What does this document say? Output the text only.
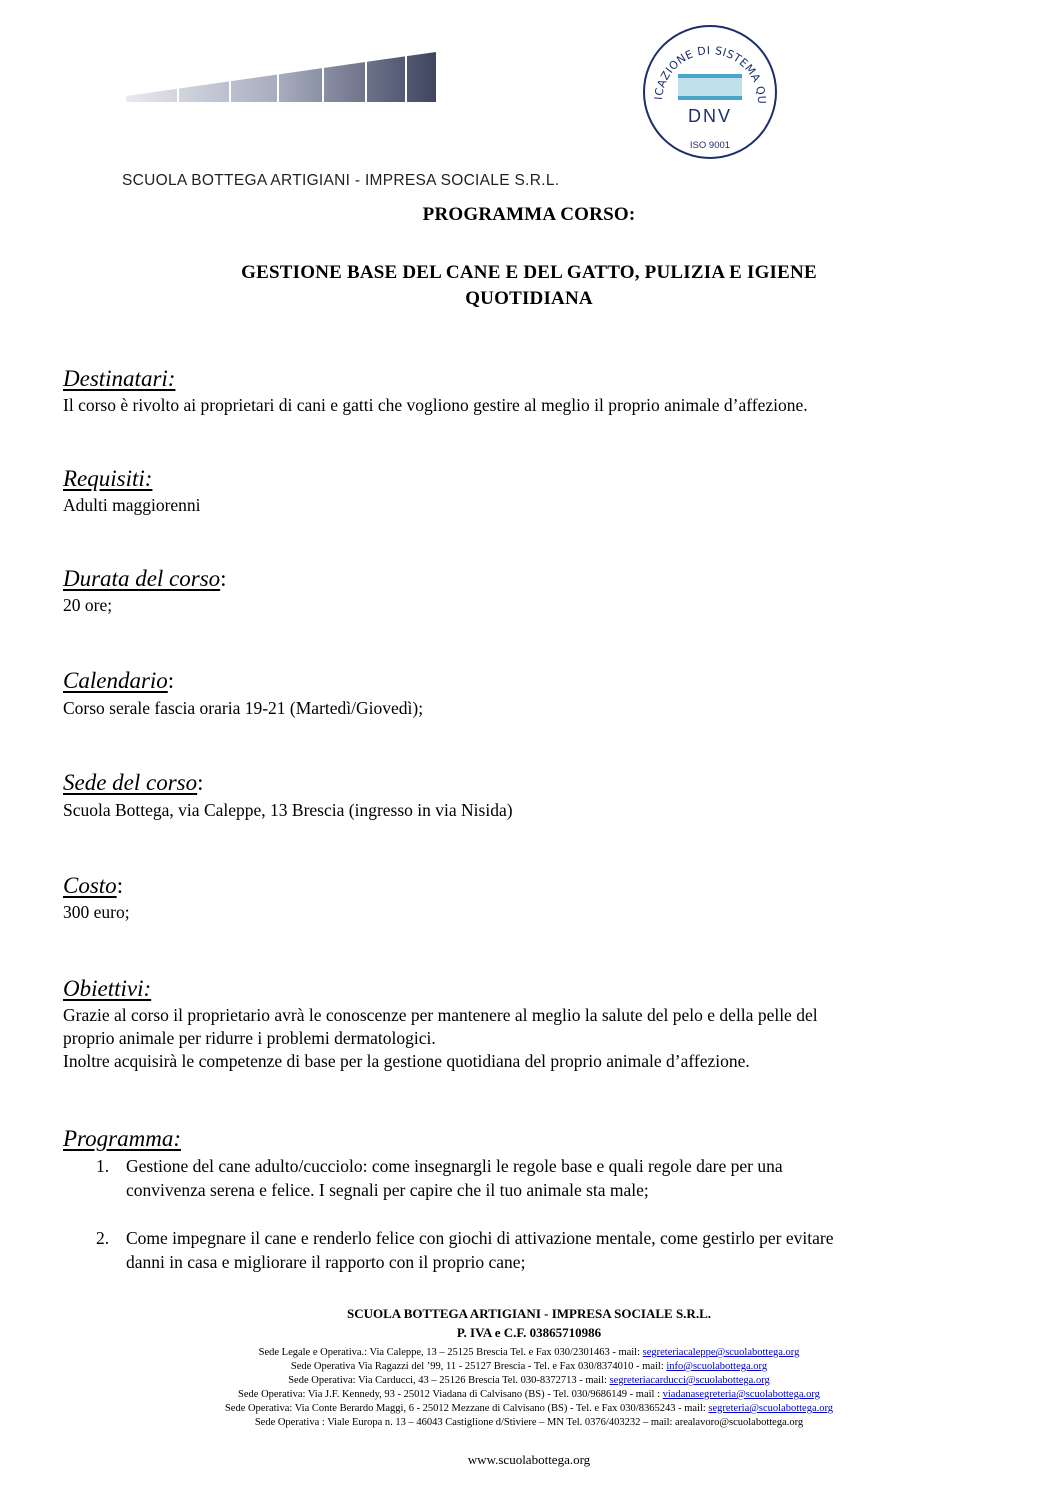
SCUOLA BOTTEGA ARTIGIANI - IMPRESA SOCIALE S.R.L.
ICAZIONE DI SISTEMA QU
DNV
ISO 9001
PROGRAMMA CORSO:
GESTIONE BASE DEL CANE E DEL GATTO, PULIZIA E IGIENE
QUOTIDIANA
Destinatari:
Il corso è rivolto ai proprietari di cani e gatti che vogliono gestire al meglio il proprio animale d’affezione.
Requisiti:
Adulti maggiorenni
Durata del corso:
20 ore;
Calendario:
Corso serale fascia oraria 19-21 (Martedì/Giovedì);
Sede del corso:
Scuola Bottega, via Caleppe, 13 Brescia (ingresso in via Nisida)
Costo:
300 euro;
Obiettivi:
Grazie al corso il proprietario avrà le conoscenze per mantenere al meglio la salute del pelo e della pelle del
proprio animale per ridurre i problemi dermatologici.
Inoltre acquisirà le competenze di base per la gestione quotidiana del proprio animale d’affezione.
Programma:
1. Gestione del cane adulto/cucciolo: come insegnargli le regole base e quali regole dare per una
convivenza serena e felice. I segnali per capire che il tuo animale sta male;
2. Come impegnare il cane e renderlo felice con giochi di attivazione mentale, come gestirlo per evitare
danni in casa e migliorare il rapporto con il proprio cane;
SCUOLA BOTTEGA ARTIGIANI - IMPRESA SOCIALE S.R.L.
P. IVA e C.F. 03865710986
Sede Legale e Operativa.: Via Caleppe, 13 – 25125 Brescia Tel. e Fax 030/2301463 - mail: segreteriacaleppe@scuolabottega.org
Sede Operativa Via Ragazzi del ’99, 11 - 25127 Brescia - Tel. e Fax 030/8374010 - mail: info@scuolabottega.org
Sede Operativa: Via Carducci, 43 – 25126 Brescia Tel. 030-8372713 - mail: segreteriacarducci@scuolabottega.org
Sede Operativa: Via J.F. Kennedy, 93 - 25012 Viadana di Calvisano (BS) - Tel. 030/9686149 - mail : viadanasegreteria@scuolabottega.org
Sede Operativa: Via Conte Berardo Maggi, 6 - 25012 Mezzane di Calvisano (BS) - Tel. e Fax 030/8365243 - mail: segreteria@scuolabottega.org
Sede Operativa : Viale Europa n. 13 – 46043 Castiglione d/Stiviere – MN Tel. 0376/403232 – mail: arealavoro@scuolabottega.org
www.scuolabottega.org
